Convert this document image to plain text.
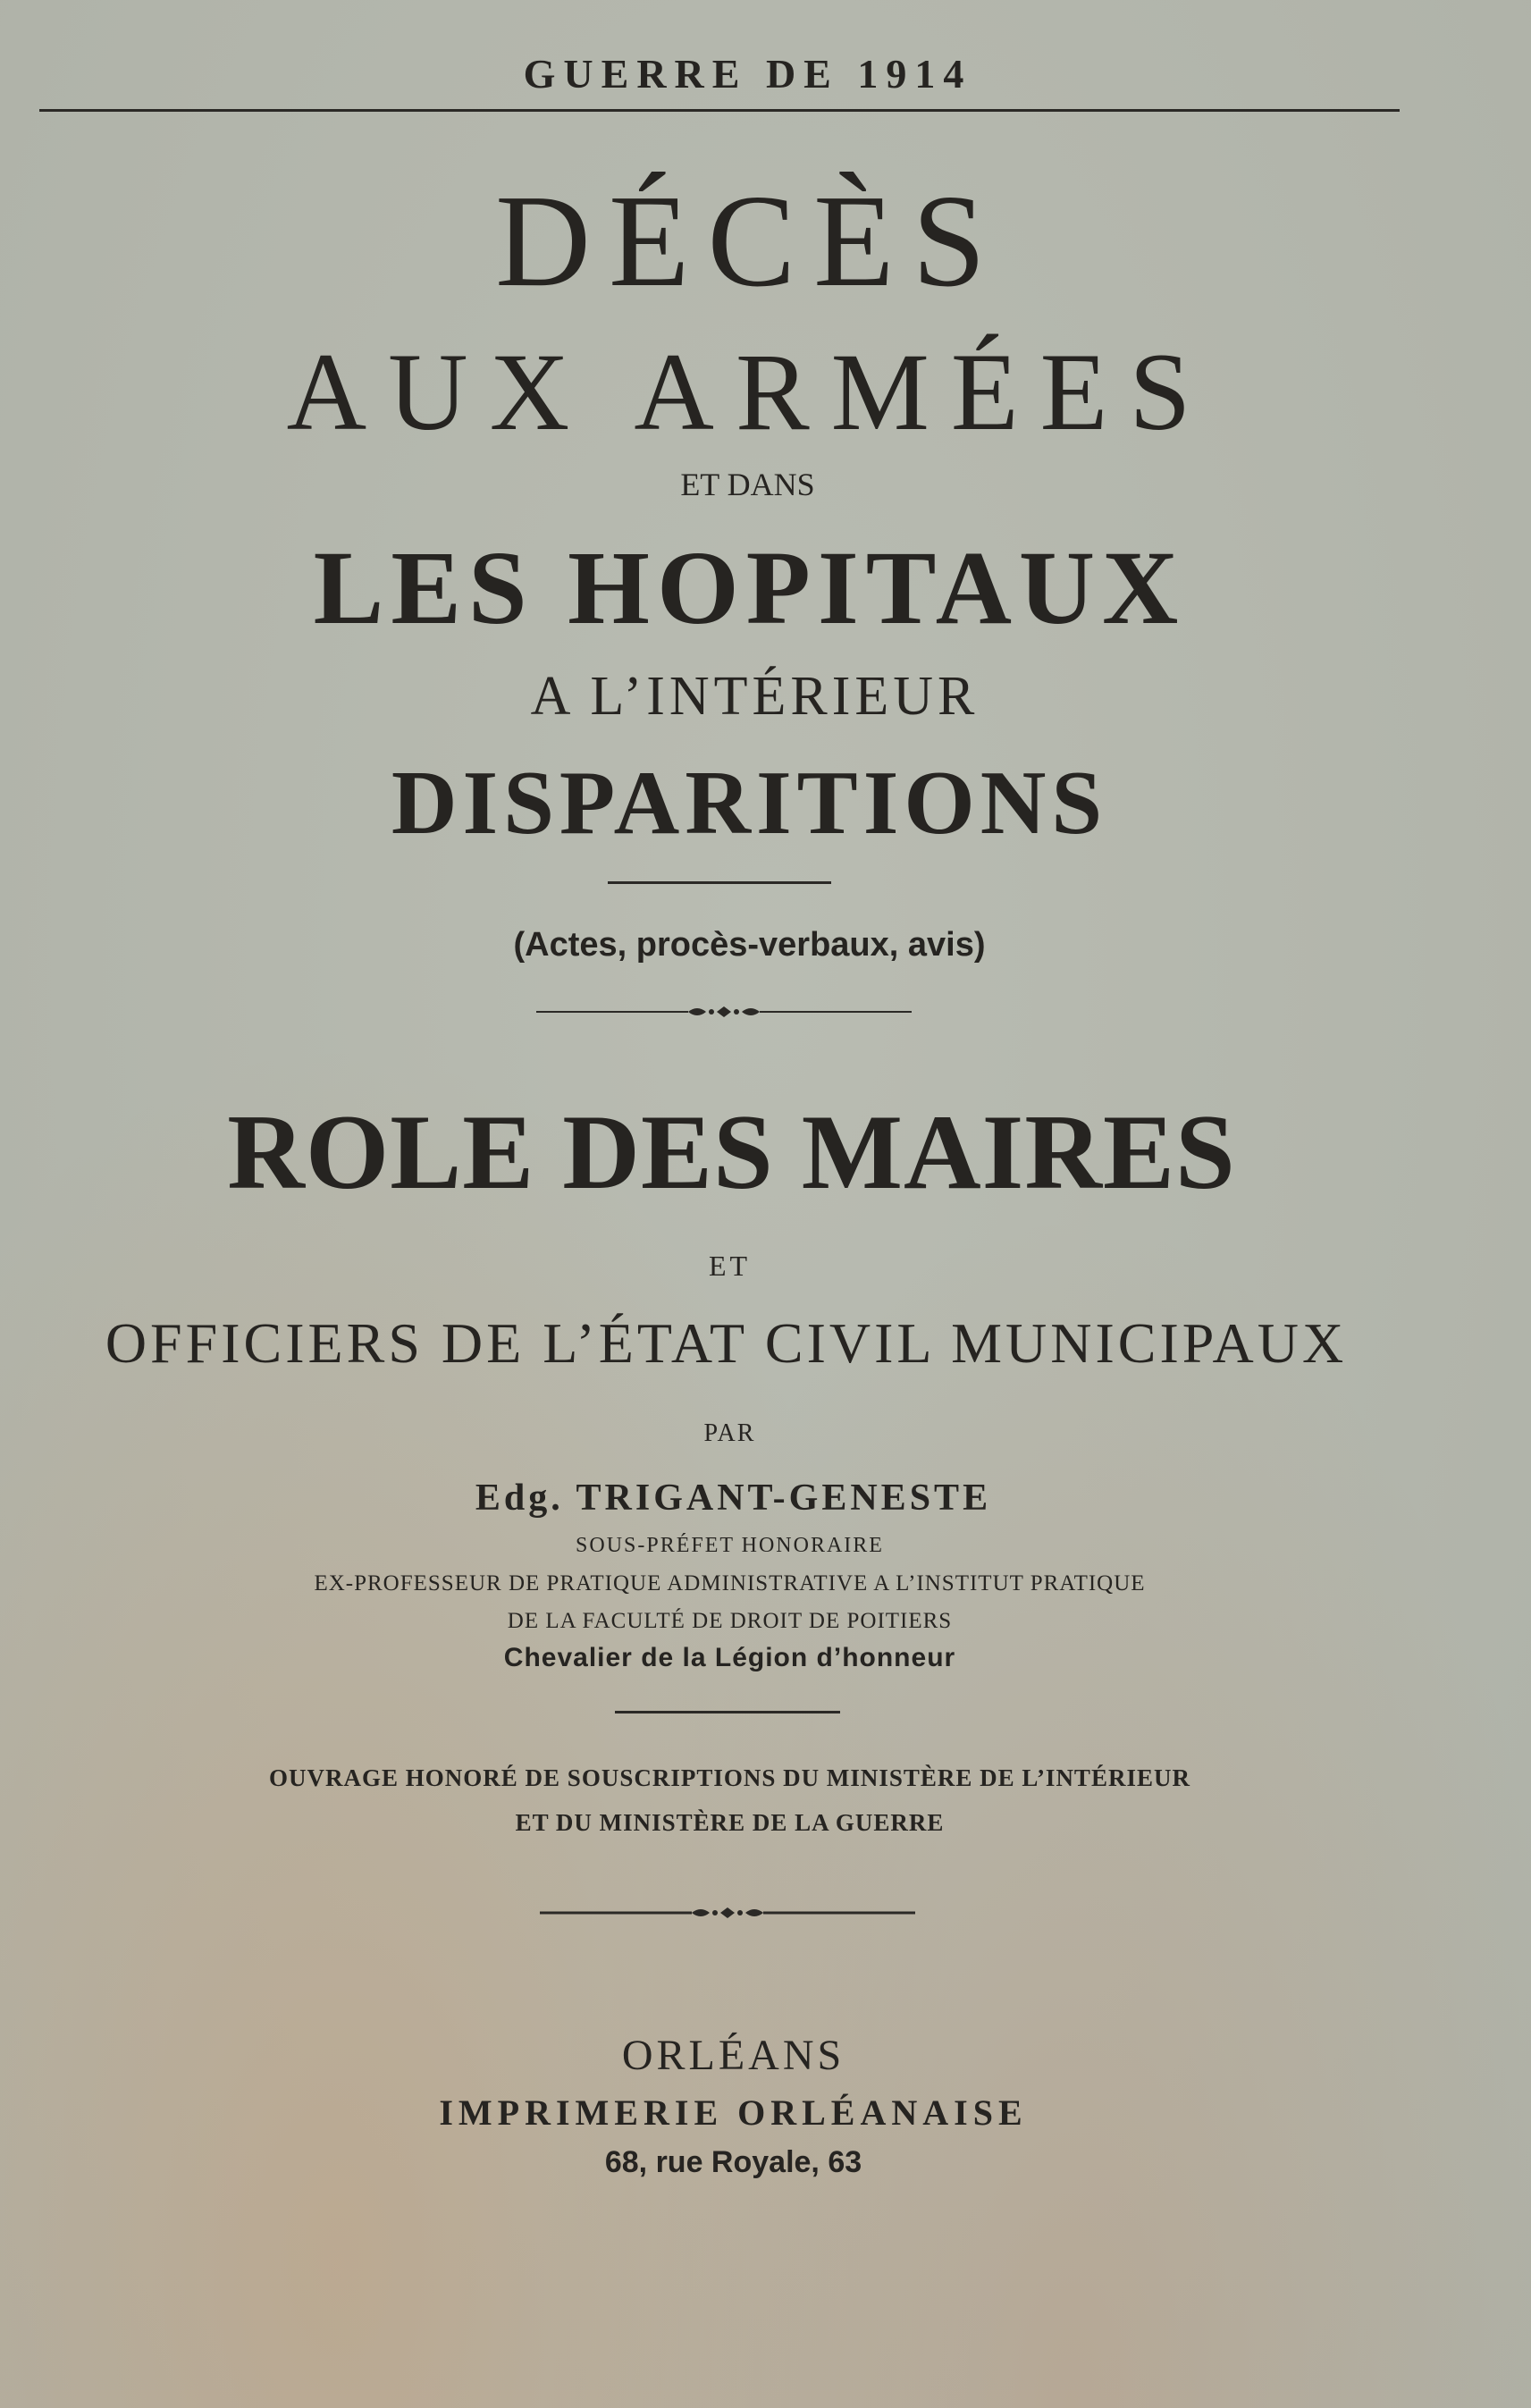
GUERRE DE 1914

DÉCÈS

AUX ARMÉES

ET DANS

LES HOPITAUX

A L’INTÉRIEUR

DISPARITIONS

(Actes, procès-verbaux, avis)

ROLE DES MAIRES

ET

OFFICIERS DE L’ÉTAT CIVIL MUNICIPAUX

PAR

Edg. TRIGANT-GENESTE

SOUS-PRÉFET HONORAIRE

EX-PROFESSEUR DE PRATIQUE ADMINISTRATIVE A L’INSTITUT PRATIQUE

DE LA FACULTÉ DE DROIT DE POITIERS

Chevalier de la Légion d’honneur

OUVRAGE HONORÉ DE SOUSCRIPTIONS DU MINISTÈRE DE L’INTÉRIEUR

ET DU MINISTÈRE DE LA GUERRE

ORLÉANS

IMPRIMERIE ORLÉANAISE

68, rue Royale, 63
